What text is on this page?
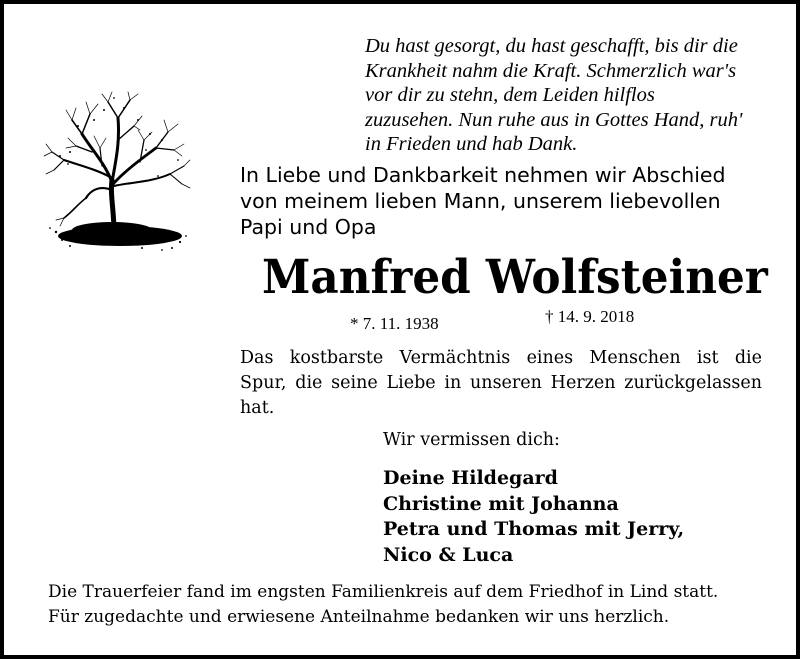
Du hast gesorgt, du hast geschafft, bis dir die
Krankheit nahm die Kraft. Schmerzlich war's
vor dir zu stehn, dem Leiden hilflos
zuzusehen. Nun ruhe aus in Gottes Hand, ruh'
in Frieden und hab Dank.
In Liebe und Dankbarkeit nehmen wir Abschied
von meinem lieben Mann, unserem liebevollen
Papi und Opa
Manfred Wolfsteiner
* 7. 11. 1938	† 14. 9. 2018
Das kostbarste Vermächtnis eines Menschen ist die
Spur, die seine Liebe in unseren Herzen zurückgelassen
hat.
Wir vermissen dich:
Deine Hildegard
Christine mit Johanna
Petra und Thomas mit Jerry,
Nico & Luca
Die Trauerfeier fand im engsten Familienkreis auf dem Friedhof in Lind statt.
Für zugedachte und erwiesene Anteilnahme bedanken wir uns herzlich.
